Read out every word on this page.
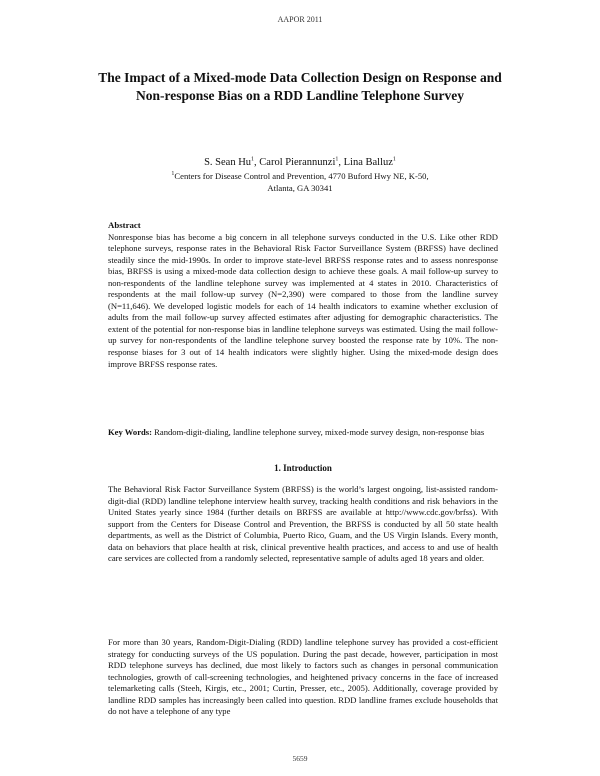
AAPOR 2011
The Impact of a Mixed-mode Data Collection Design on Response and Non-response Bias on a RDD Landline Telephone Survey
S. Sean Hu$^1$, Carol Pierannunzi$^1$, Lina Balluz$^1$
$^1$Centers for Disease Control and Prevention, 4770 Buford Hwy NE, K-50,
Atlanta, GA 30341
Abstract

Nonresponse bias has become a big concern in all telephone surveys conducted in the U.S. Like other RDD telephone surveys, response rates in the Behavioral Risk Factor Surveillance System (BRFSS) have declined steadily since the mid-1990s. In order to improve state-level BRFSS response rates and to assess nonresponse bias, BRFSS is using a mixed-mode data collection design to achieve these goals. A mail follow-up survey to non-respondents of the landline telephone survey was implemented at 4 states in 2010. Characteristics of respondents at the mail follow-up survey (N=2,390) were compared to those from the landline survey (N=11,646). We developed logistic models for each of 14 health indicators to examine whether exclusion of adults from the mail follow-up survey affected estimates after adjusting for demographic characteristics. The extent of the potential for non-response bias in landline telephone surveys was estimated. Using the mail follow-up survey for non-respondents of the landline telephone survey boosted the response rate by 10%. The non-response biases for 3 out of 14 health indicators were slightly higher. Using the mixed-mode design does improve BRFSS response rates.

Key Words: Random-digit-dialing, landline telephone survey, mixed-mode survey design, non-response bias
1. Introduction

The Behavioral Risk Factor Surveillance System (BRFSS) is the world’s largest ongoing, list-assisted random-digit-dial (RDD) landline telephone interview health survey, tracking health conditions and risk behaviors in the United States yearly since 1984 (further details on BRFSS are available at http://www.cdc.gov/brfss). With support from the Centers for Disease Control and Prevention, the BRFSS is conducted by all 50 state health departments, as well as the District of Columbia, Puerto Rico, Guam, and the US Virgin Islands. Every month, data on behaviors that place health at risk, clinical preventive health practices, and access to and use of health care services are collected from a randomly selected, representative sample of adults aged 18 years and older.

For more than 30 years, Random-Digit-Dialing (RDD) landline telephone survey has provided a cost-efficient strategy for conducting surveys of the US population. During the past decade, however, participation in most RDD telephone surveys has declined, due most likely to factors such as changes in personal communication technologies, growth of call-screening technologies, and heightened privacy concerns in the face of increased telemarketing calls (Steeh, Kirgis, etc., 2001; Curtin, Presser, etc., 2005). Additionally, coverage provided by landline RDD samples has increasingly been called into question. RDD landline frames exclude households that do not have a telephone of any type

5659
